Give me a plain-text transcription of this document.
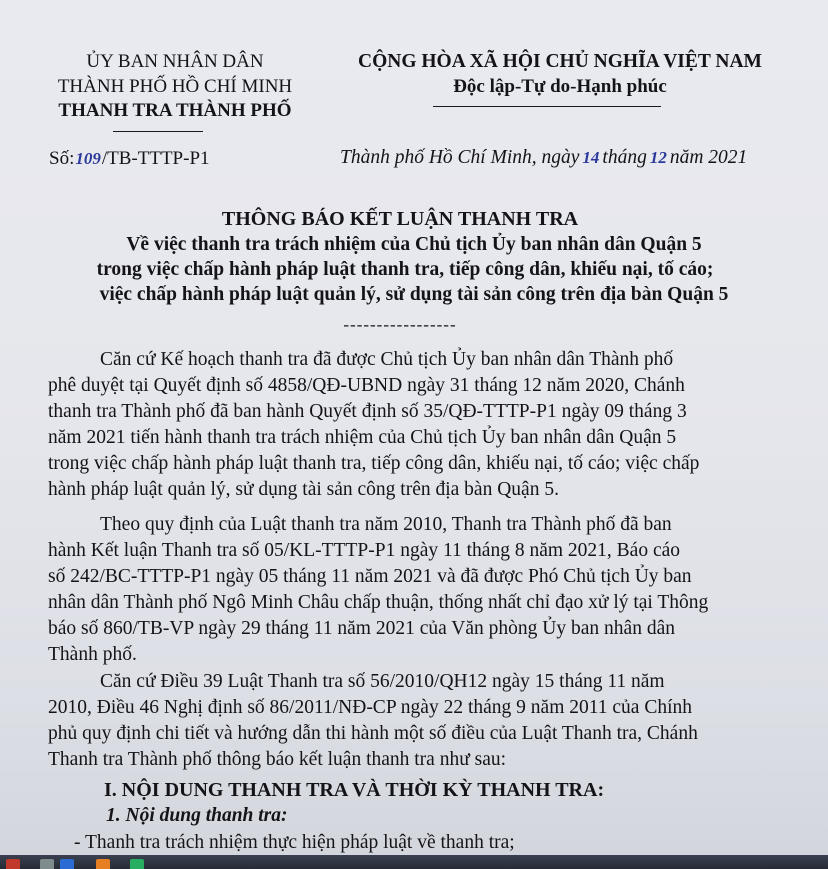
ỦY BAN NHÂN DÂN
THÀNH PHỐ HỒ CHÍ MINH
THANH TRA THÀNH PHỐ
CỘNG HÒA XÃ HỘI CHỦ NGHĨA VIỆT NAM
Độc lập-Tự do-Hạnh phúc
Số:109/TB-TTTP-P1	Thành phố Hồ Chí Minh, ngày 14 tháng 12 năm 2021
THÔNG BÁO KẾT LUẬN THANH TRA
Về việc thanh tra trách nhiệm của Chủ tịch Ủy ban nhân dân Quận 5
trong việc chấp hành pháp luật thanh tra, tiếp công dân, khiếu nại, tố cáo;
việc chấp hành pháp luật quản lý, sử dụng tài sản công trên địa bàn Quận 5
-----------------
Căn cứ Kế hoạch thanh tra đã được Chủ tịch Ủy ban nhân dân Thành phố
phê duyệt tại Quyết định số 4858/QĐ-UBND ngày 31 tháng 12 năm 2020, Chánh
thanh tra Thành phố đã ban hành Quyết định số 35/QĐ-TTTP-P1 ngày 09 tháng 3
năm 2021 tiến hành thanh tra trách nhiệm của Chủ tịch Ủy ban nhân dân Quận 5
trong việc chấp hành pháp luật thanh tra, tiếp công dân, khiếu nại, tố cáo; việc chấp
hành pháp luật quản lý, sử dụng tài sản công trên địa bàn Quận 5.
Theo quy định của Luật thanh tra năm 2010, Thanh tra Thành phố đã ban
hành Kết luận Thanh tra số 05/KL-TTTP-P1 ngày 11 tháng 8 năm 2021, Báo cáo
số 242/BC-TTTP-P1 ngày 05 tháng 11 năm 2021 và đã được Phó Chủ tịch Ủy ban
nhân dân Thành phố Ngô Minh Châu chấp thuận, thống nhất chỉ đạo xử lý tại Thông
báo số 860/TB-VP ngày 29 tháng 11 năm 2021 của Văn phòng Ủy ban nhân dân
Thành phố.
Căn cứ Điều 39 Luật Thanh tra số 56/2010/QH12 ngày 15 tháng 11 năm
2010, Điều 46 Nghị định số 86/2011/NĐ-CP ngày 22 tháng 9 năm 2011 của Chính
phủ quy định chi tiết và hướng dẫn thi hành một số điều của Luật Thanh tra, Chánh
Thanh tra Thành phố thông báo kết luận thanh tra như sau:
I. NỘI DUNG THANH TRA VÀ THỜI KỲ THANH TRA:
1. Nội dung thanh tra:
- Thanh tra trách nhiệm thực hiện pháp luật về thanh tra;
